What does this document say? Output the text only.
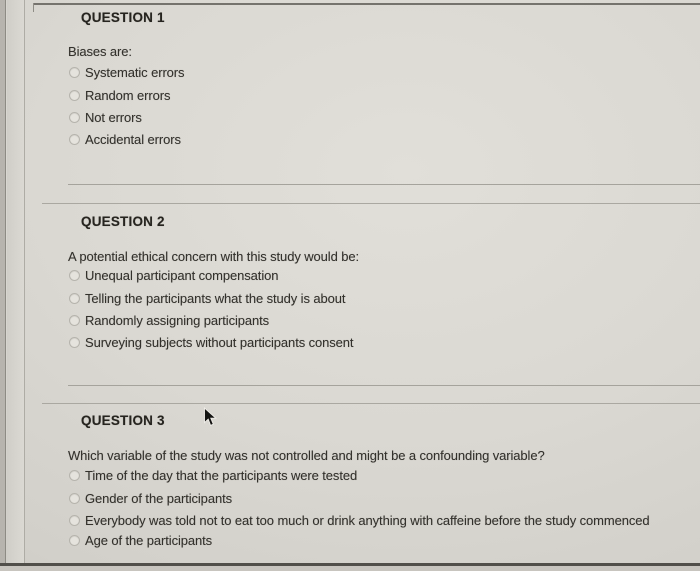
QUESTION 1
Biases are:
Systematic errors
Random errors
Not errors
Accidental errors
QUESTION 2
A potential ethical concern with this study would be:
Unequal participant compensation
Telling the participants what the study is about
Randomly assigning participants
Surveying subjects without participants consent
QUESTION 3
Which variable of the study was not controlled and might be a confounding variable?
Time of the day that the participants were tested
Gender of the participants
Everybody was told not to eat too much or drink anything with caffeine before the study commenced
Age of the participants
